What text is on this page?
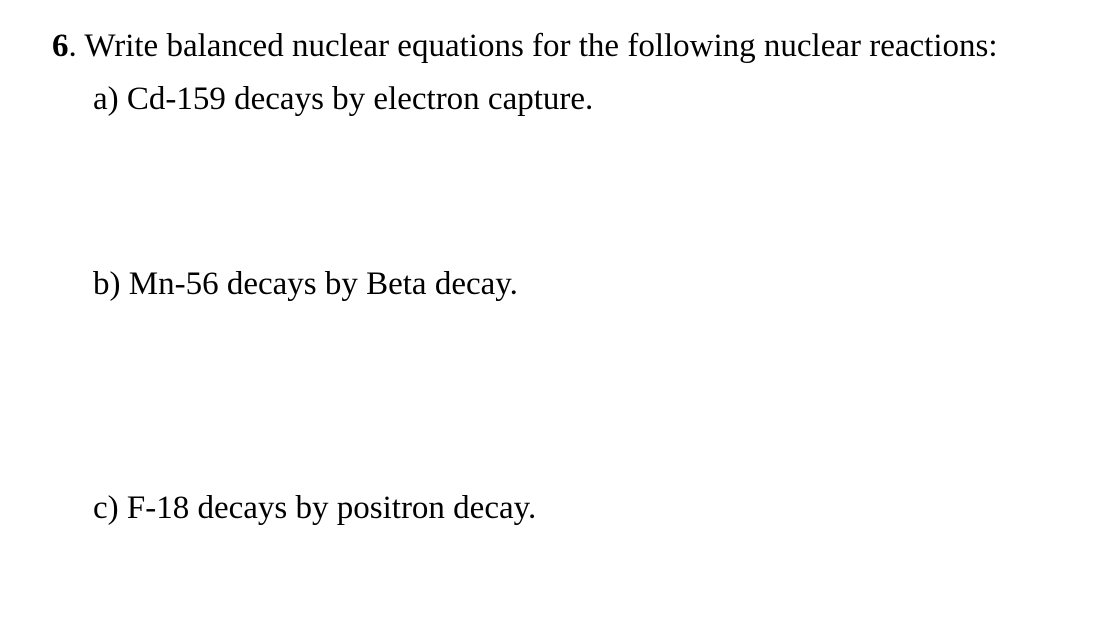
6. Write balanced nuclear equations for the following nuclear reactions:

a) Cd-159 decays by electron capture.

b) Mn-56 decays by Beta decay.

c) F-18 decays by positron decay.
